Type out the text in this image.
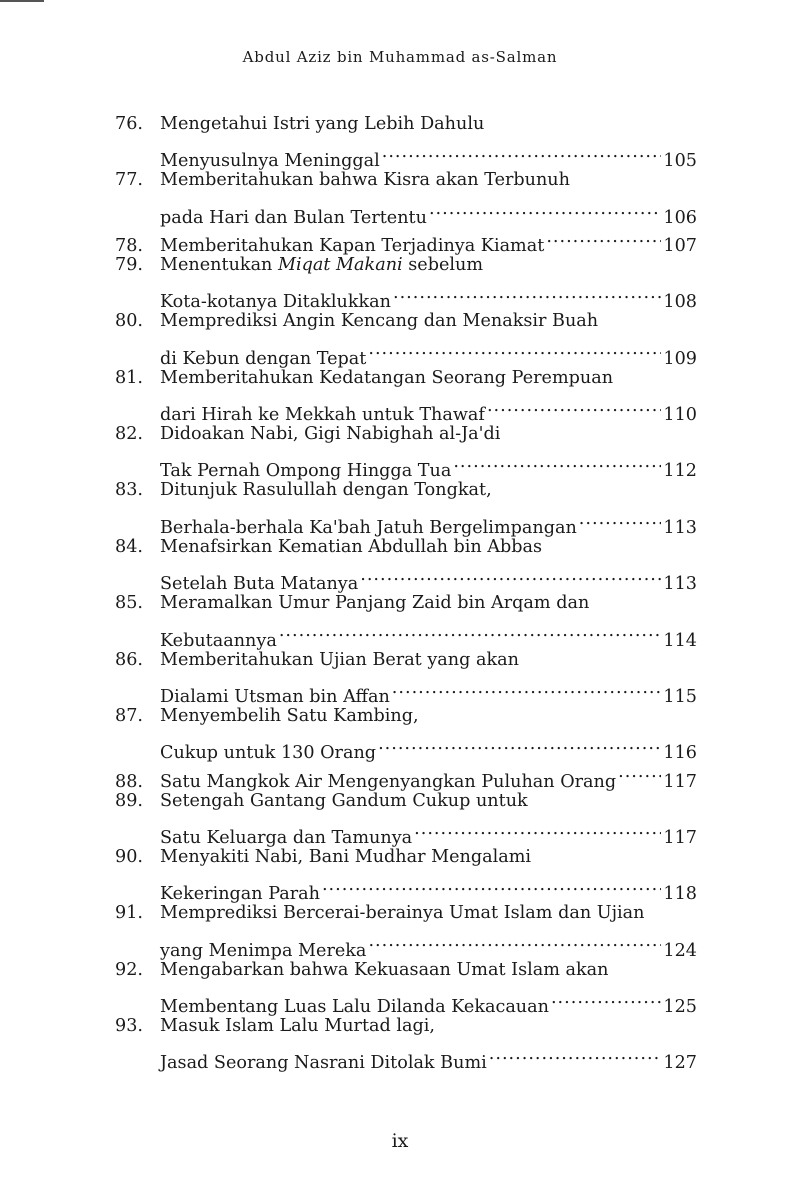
Abdul Aziz bin Muhammad as-Salman
76. Mengetahui Istri yang Lebih Dahulu
Menyusulnya Meninggal .....	105
77. Memberitahukan bahwa Kisra akan Terbunuh
pada Hari dan Bulan Tertentu .....	106
78. Memberitahukan Kapan Terjadinya Kiamat .....	107
79. Menentukan Miqat Makani sebelum
Kota-kotanya Ditaklukkan .....	108
80. Memprediksi Angin Kencang dan Menaksir Buah
di Kebun dengan Tepat .....	109
81. Memberitahukan Kedatangan Seorang Perempuan
dari Hirah ke Mekkah untuk Thawaf .....	110
82. Didoakan Nabi, Gigi Nabighah al-Ja'di
Tak Pernah Ompong Hingga Tua .....	112
83. Ditunjuk Rasulullah dengan Tongkat,
Berhala-berhala Ka'bah Jatuh Bergelimpangan .....	113
84. Menafsirkan Kematian Abdullah bin Abbas
Setelah Buta Matanya .....	113
85. Meramalkan Umur Panjang Zaid bin Arqam dan
Kebutaannya .....	114
86. Memberitahukan Ujian Berat yang akan
Dialami Utsman bin Affan .....	115
87. Menyembelih Satu Kambing,
Cukup untuk 130 Orang .....	116
88. Satu Mangkok Air Mengenyangkan Puluhan Orang .....	117
89. Setengah Gantang Gandum Cukup untuk
Satu Keluarga dan Tamunya .....	117
90. Menyakiti Nabi, Bani Mudhar Mengalami
Kekeringan Parah .....	118
91. Memprediksi Bercerai-berainya Umat Islam dan Ujian
yang Menimpa Mereka .....	124
92. Mengabarkan bahwa Kekuasaan Umat Islam akan
Membentang Luas Lalu Dilanda Kekacauan .....	125
93. Masuk Islam Lalu Murtad lagi,
Jasad Seorang Nasrani Ditolak Bumi .....	127
ix
